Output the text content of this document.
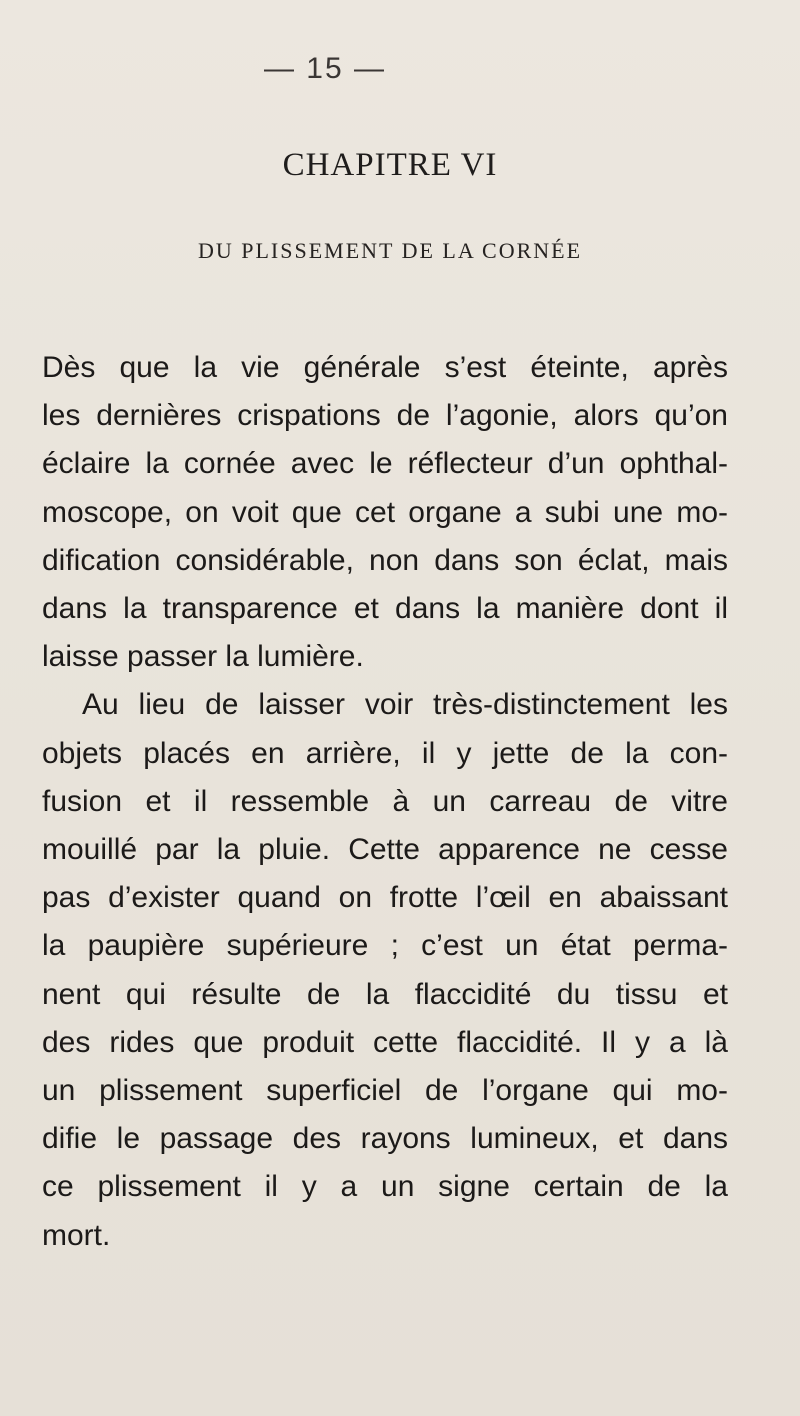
— 15 —
CHAPITRE VI
DU PLISSEMENT DE LA CORNÉE
Dès que la vie générale s’est éteinte, après
les dernières crispations de l’agonie, alors qu’on
éclaire la cornée avec le réflecteur d’un ophthal-
moscope, on voit que cet organe a subi une mo-
dification considérable, non dans son éclat, mais
dans la transparence et dans la manière dont il
laisse passer la lumière.
Au lieu de laisser voir très-distinctement les
objets placés en arrière, il y jette de la con-
fusion et il ressemble à un carreau de vitre
mouillé par la pluie. Cette apparence ne cesse
pas d’exister quand on frotte l’œil en abaissant
la paupière supérieure ; c’est un état perma-
nent qui résulte de la flaccidité du tissu et
des rides que produit cette flaccidité. Il y a là
un plissement superficiel de l’organe qui mo-
difie le passage des rayons lumineux, et dans
ce plissement il y a un signe certain de la
mort.
